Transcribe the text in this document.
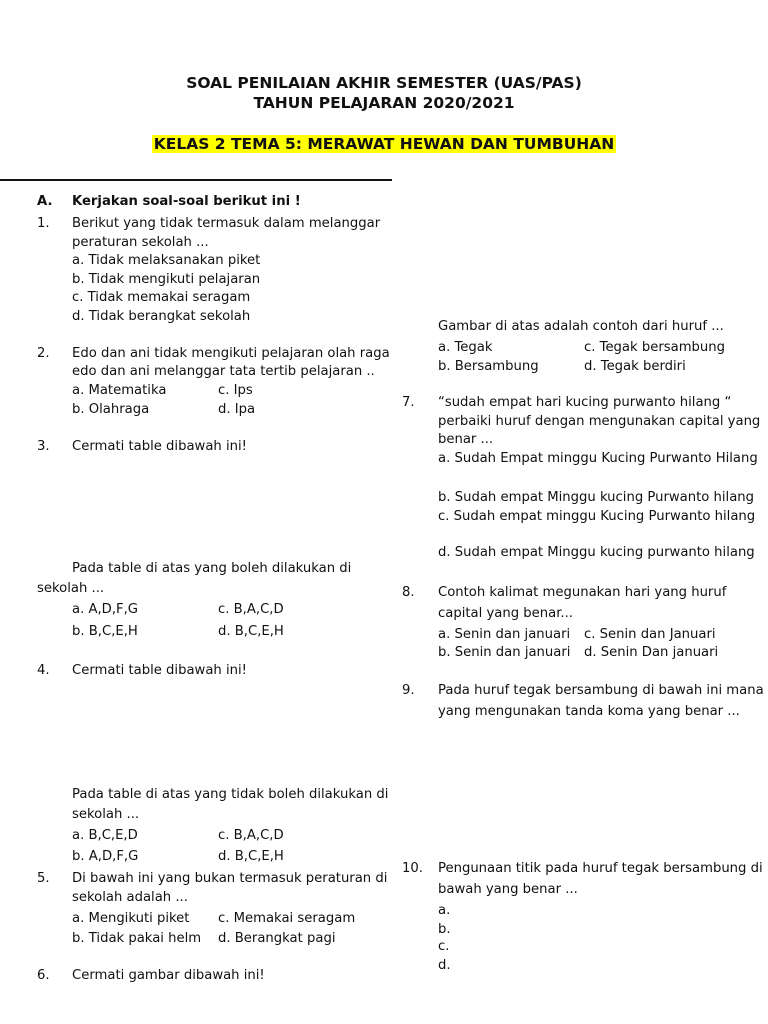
SOAL PENILAIAN AKHIR SEMESTER (UAS/PAS)
TAHUN PELAJARAN 2020/2021
KELAS 2 TEMA 5: MERAWAT HEWAN DAN TUMBUHAN
A. Kerjakan soal-soal berikut ini !
1. Berikut yang tidak termasuk dalam melanggar
peraturan sekolah ...
a. Tidak melaksanakan piket
b. Tidak mengikuti pelajaran
c. Tidak memakai seragam
d. Tidak berangkat sekolah
2. Edo dan ani tidak mengikuti pelajaran olah raga
edo dan ani melanggar tata tertib pelajaran ..
a. Matematika	c. Ips
b. Olahraga	d. Ipa
3. Cermati table dibawah ini!
Pada table di atas yang boleh dilakukan di
sekolah ...
a. A,D,F,G	c. B,A,C,D
b. B,C,E,H	d. B,C,E,H
4. Cermati table dibawah ini!
Pada table di atas yang tidak boleh dilakukan di
sekolah ...
a. B,C,E,D	c. B,A,C,D
b. A,D,F,G	d. B,C,E,H
5. Di bawah ini yang bukan termasuk peraturan di
sekolah adalah ...
a. Mengikuti piket c. Memakai seragam
b. Tidak pakai helm d. Berangkat pagi
6. Cermati gambar dibawah ini!
Gambar di atas adalah contoh dari huruf ...
a. Tegak	c. Tegak bersambung
b. Bersambung	d. Tegak berdiri
7. “sudah empat hari kucing purwanto hilang “
perbaiki huruf dengan mengunakan capital yang
benar ...
a. Sudah Empat minggu Kucing Purwanto Hilang
b. Sudah empat Minggu kucing Purwanto hilang
c. Sudah empat minggu Kucing Purwanto hilang
d. Sudah empat Minggu kucing purwanto hilang
8. Contoh kalimat megunakan hari yang huruf
capital yang benar...
a. Senin dan januari c. Senin dan Januari
b. Senin dan januari d. Senin Dan januari
9. Pada huruf tegak bersambung di bawah ini mana
yang mengunakan tanda koma yang benar ...
10. Pengunaan titik pada huruf tegak bersambung di
bawah yang benar ...
a.
b.
c.
d.
